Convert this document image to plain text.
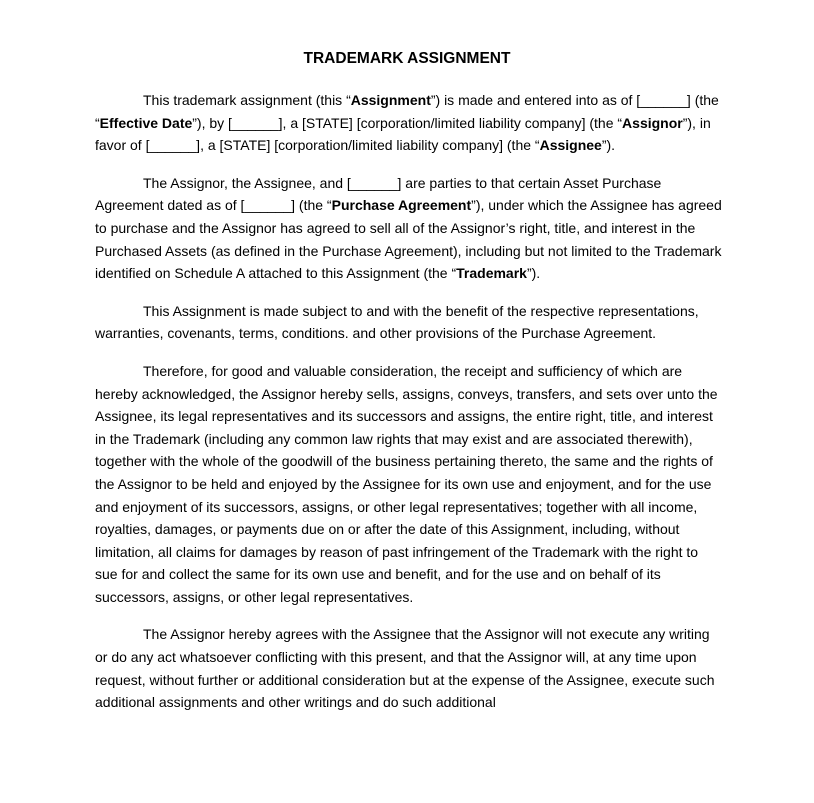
TRADEMARK ASSIGNMENT

This trademark assignment (this “Assignment”) is made and entered into as of [______] (the “Effective Date”), by [______], a [STATE] [corporation/limited liability company] (the “Assignor”), in favor of [______], a [STATE] [corporation/limited liability company] (the “Assignee”).

The Assignor, the Assignee, and [______] are parties to that certain Asset Purchase Agreement dated as of [______] (the “Purchase Agreement”), under which the Assignee has agreed to purchase and the Assignor has agreed to sell all of the Assignor’s right, title, and interest in the Purchased Assets (as defined in the Purchase Agreement), including but not limited to the Trademark identified on Schedule A attached to this Assignment (the “Trademark”).

This Assignment is made subject to and with the benefit of the respective representations, warranties, covenants, terms, conditions. and other provisions of the Purchase Agreement.

Therefore, for good and valuable consideration, the receipt and sufficiency of which are hereby acknowledged, the Assignor hereby sells, assigns, conveys, transfers, and sets over unto the Assignee, its legal representatives and its successors and assigns, the entire right, title, and interest in the Trademark (including any common law rights that may exist and are associated therewith), together with the whole of the goodwill of the business pertaining thereto, the same and the rights of the Assignor to be held and enjoyed by the Assignee for its own use and enjoyment, and for the use and enjoyment of its successors, assigns, or other legal representatives; together with all income, royalties, damages, or payments due on or after the date of this Assignment, including, without limitation, all claims for damages by reason of past infringement of the Trademark with the right to sue for and collect the same for its own use and benefit, and for the use and on behalf of its successors, assigns, or other legal representatives.

The Assignor hereby agrees with the Assignee that the Assignor will not execute any writing or do any act whatsoever conflicting with this present, and that the Assignor will, at any time upon request, without further or additional consideration but at the expense of the Assignee, execute such additional assignments and other writings and do such additional
